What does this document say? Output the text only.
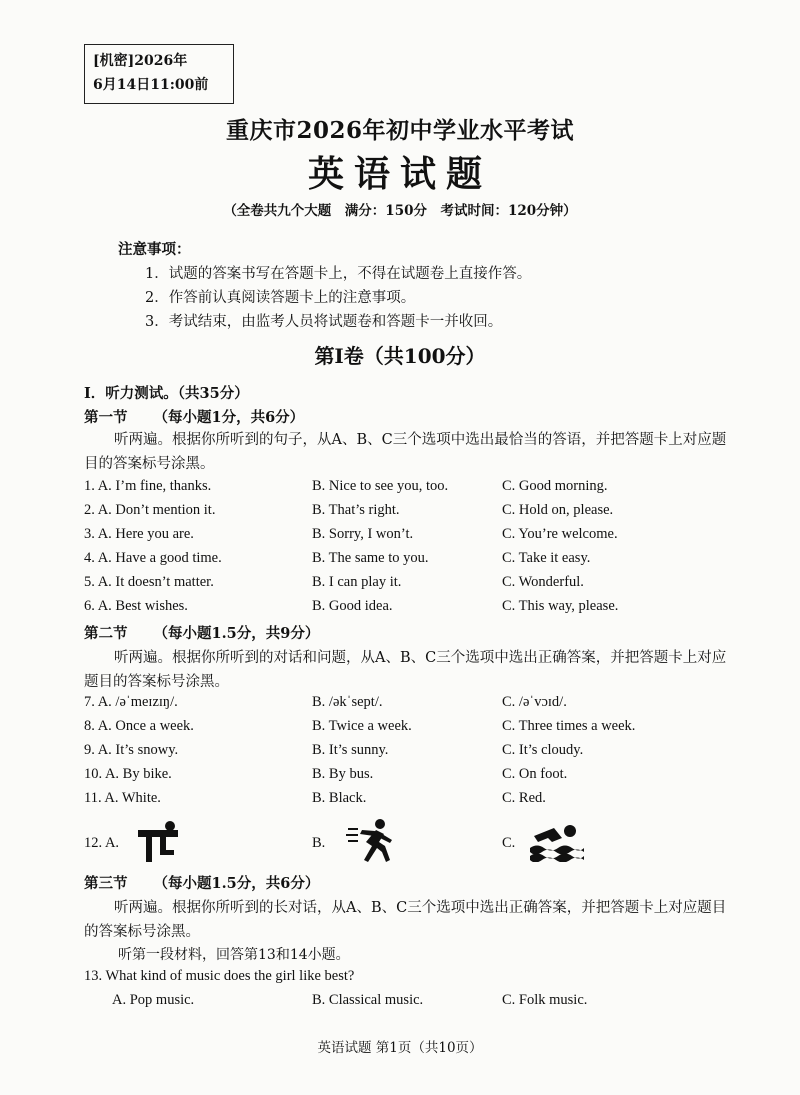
[机密]2026年
6月14日11:00前
重庆市2026年初中学业水平考试
英语试题
（全卷共九个大题　满分：150分　考试时间：120分钟）
注意事项：
1．试题的答案书写在答题卡上，不得在试题卷上直接作答。
2．作答前认真阅读答题卡上的注意事项。
3．考试结束，由监考人员将试题卷和答题卡一并收回。
第Ⅰ卷（共100分）
I．听力测试。（共35分）
第一节 （每小题1分，共6分）
听两遍。根据你所听到的句子，从A、B、C三个选项中选出最恰当的答语，并把答题卡上对应题目的答案标号涂黑。
1. A. I’m fine, thanks.	B. Nice to see you, too.	C. Good morning.
2. A. Don’t mention it.	B. That’s right.	C. Hold on, please.
3. A. Here you are.	B. Sorry, I won’t.	C. You’re welcome.
4. A. Have a good time.	B. The same to you.	C. Take it easy.
5. A. It doesn’t matter.	B. I can play it.	C. Wonderful.
6. A. Best wishes.	B. Good idea.	C. This way, please.
第二节 （每小题1.5分，共9分）
听两遍。根据你所听到的对话和问题，从A、B、C三个选项中选出正确答案，并把答题卡上对应题目的答案标号涂黑。
7. A. /əˈmeɪzɪŋ/.	B. /əkˈsept/.	C. /əˈvɔɪd/.
8. A. Once a week.	B. Twice a week.	C. Three times a week.
9. A. It’s snowy.	B. It’s sunny.	C. It’s cloudy.
10. A. By bike.	B. By bus.	C. On foot.
11. A. White.	B. Black.	C. Red.
12. A.	B.	C.
第三节 （每小题1.5分，共6分）
听两遍。根据你所听到的长对话，从A、B、C三个选项中选出正确答案，并把答题卡上对应题目的答案标号涂黑。
听第一段材料，回答第13和14小题。
13. What kind of music does the girl like best?
A. Pop music.	B. Classical music.	C. Folk music.
英语试题 第1页（共10页）
